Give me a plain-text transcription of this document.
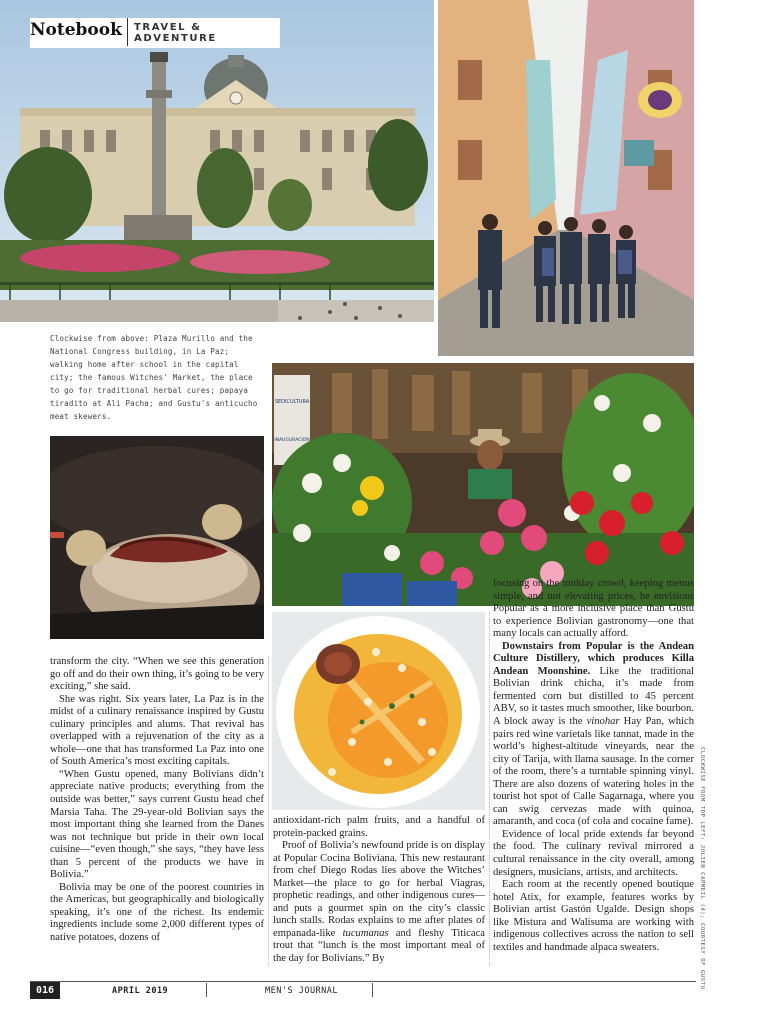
Notebook TRAVEL & ADVENTURE
SEDICULTURA
INAUGURACION
Clockwise from above: Plaza Murillo and the National Congress building, in La Paz; walking home after school in the capital city; the famous Witches' Market, the place to go for traditional herbal cures; papaya tiradito at Ali Pacha; and Gustu's anticucho meat skewers.

transform the city. “When we see this generation go off and do their own thing, it’s going to be very exciting,” she said.

She was right. Six years later, La Paz is in the midst of a culinary renaissance inspired by Gustu culinary principles and alums. That revival has overlapped with a rejuvenation of the city as a whole—one that has transformed La Paz into one of South America’s most exciting capitals.

“When Gustu opened, many Bolivians didn’t appreciate native products; everything from the outside was better,” says current Gustu head chef Marsia Taha. The 29-year-old Bolivian says the most important thing she learned from the Danes was not technique but pride in their own local cuisine—“even though,” she says, “they have less than 5 percent of the products we have in Bolivia.”

Bolivia may be one of the poorest countries in the Americas, but geographically and biologically speaking, it’s one of the richest. Its endemic ingredients include some 2,000 different types of native potatoes, dozens of

antioxidant-rich palm fruits, and a handful of protein-packed grains.

Proof of Bolivia’s newfound pride is on display at Popular Cocina Boliviana. This new restaurant from chef Diego Rodas lies above the Witches’ Market—the place to go for herbal Viagras, prophetic readings, and other indigenous cures—and puts a gourmet spin on the city’s classic lunch stalls. Rodas explains to me after plates of empanada-like tucumanas and fleshy Titicaca trout that “lunch is the most important meal of the day for Bolivians.” By

focusing on the midday crowd, keeping menus simple, and not elevating prices, he envisions Popular as a more inclusive place than Gustu to experience Bolivian gastronomy—one that many locals can actually afford.

Downstairs from Popular is the Andean Culture Distillery, which produces Killa Andean Moonshine. Like the traditional Bolivian drink chicha, it’s made from fermented corn but distilled to 45 percent ABV, so it tastes much smoother, like bourbon. A block away is the vinohar Hay Pan, which pairs red wine varietals like tannat, made in the world’s highest-altitude vineyards, near the city of Tarija, with llama sausage. In the corner of the room, there’s a turntable spinning vinyl. There are also dozens of watering holes in the tourist hot spot of Calle Sagarnaga, where you can swig cervezas made with quinoa, amaranth, and coca (of cola and cocaine fame).

Evidence of local pride extends far beyond the food. The culinary revival mirrored a cultural renaissance in the city overall, among designers, musicians, artists, and architects.

Each room at the recently opened boutique hotel Atix, for example, features works by Bolivian artist Gastón Ugalde. Design shops like Mistura and Walisuma are working with indigenous collectives across the nation to sell textiles and handmade alpaca sweaters.	CLOCKWISE FROM TOP LEFT: JULIEN CAPMEIL (4); COURTESY OF GUSTU
016	APRIL 2019	MEN'S JOURNAL
